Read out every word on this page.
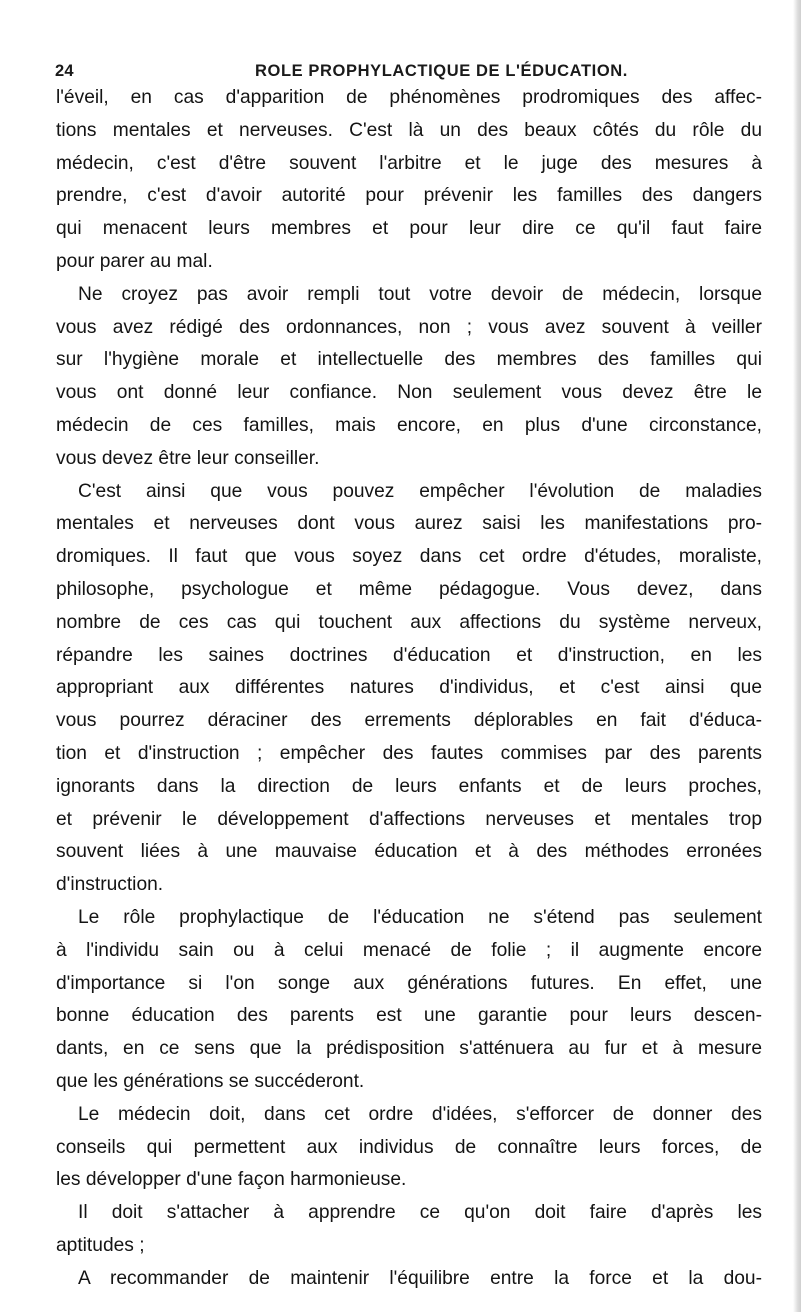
24	ROLE PROPHYLACTIQUE DE L'ÉDUCATION.
l'éveil, en cas d'apparition de phénomènes prodromiques des affec-
tions mentales et nerveuses. C'est là un des beaux côtés du rôle du
médecin, c'est d'être souvent l'arbitre et le juge des mesures à
prendre, c'est d'avoir autorité pour prévenir les familles des dangers
qui menacent leurs membres et pour leur dire ce qu'il faut faire
pour parer au mal.
Ne croyez pas avoir rempli tout votre devoir de médecin, lorsque
vous avez rédigé des ordonnances, non ; vous avez souvent à veiller
sur l'hygiène morale et intellectuelle des membres des familles qui
vous ont donné leur confiance. Non seulement vous devez être le
médecin de ces familles, mais encore, en plus d'une circonstance,
vous devez être leur conseiller.
C'est ainsi que vous pouvez empêcher l'évolution de maladies
mentales et nerveuses dont vous aurez saisi les manifestations pro-
dromiques. Il faut que vous soyez dans cet ordre d'études, moraliste,
philosophe, psychologue et même pédagogue. Vous devez, dans
nombre de ces cas qui touchent aux affections du système nerveux,
répandre les saines doctrines d'éducation et d'instruction, en les
appropriant aux différentes natures d'individus, et c'est ainsi que
vous pourrez déraciner des errements déplorables en fait d'éduca-
tion et d'instruction ; empêcher des fautes commises par des parents
ignorants dans la direction de leurs enfants et de leurs proches,
et prévenir le développement d'affections nerveuses et mentales trop
souvent liées à une mauvaise éducation et à des méthodes erronées
d'instruction.
Le rôle prophylactique de l'éducation ne s'étend pas seulement
à l'individu sain ou à celui menacé de folie ; il augmente encore
d'importance si l'on songe aux générations futures. En effet, une
bonne éducation des parents est une garantie pour leurs descen-
dants, en ce sens que la prédisposition s'atténuera au fur et à mesure
que les générations se succéderont.
Le médecin doit, dans cet ordre d'idées, s'efforcer de donner des
conseils qui permettent aux individus de connaître leurs forces, de
les développer d'une façon harmonieuse.
Il doit s'attacher à apprendre ce qu'on doit faire d'après les
aptitudes ;
A recommander de maintenir l'équilibre entre la force et la dou-
